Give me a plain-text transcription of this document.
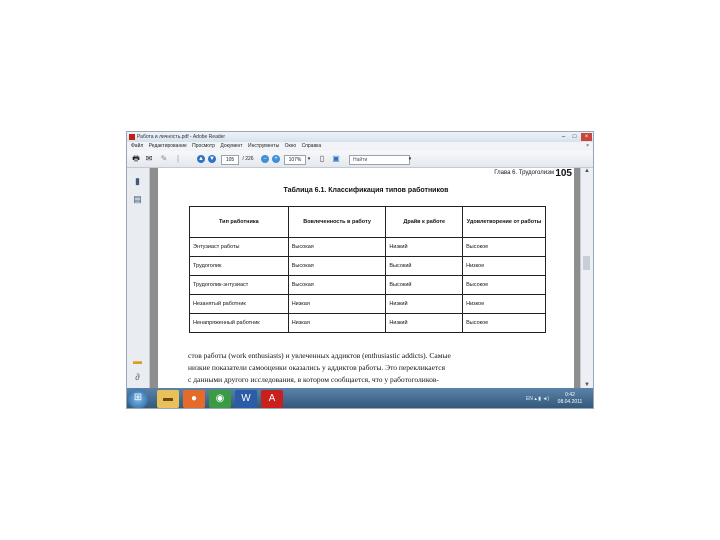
Работа и личность.pdf - Adobe Reader	–	□	×
Файл Редактирование Просмотр Документ Инструменты Окно Справка	×
🖶 ✉ ✎	|	▲ ▼	105	/ 226	−	+	107%	▾	▯	▣	Найти	▾
▮
▤
▬
∂
Глава 6. Трудоголизм 105
Таблица 6.1. Классификация типов работников
Тип работника	Вовлеченность в работу	Драйв к работе	Удовлетворение от работы
Энтузиаст работы	Высокая	Низкий	Высокое
Трудоголик	Высокая	Высокий	Низкое
Трудоголик-энтузиаст	Высокая	Высокий	Высокое
Незанятый работник	Низкая	Низкий	Низкое
Ненапряженный работник	Низкая	Низкий	Высокое

стов работы (work enthusiasts) и увлеченных аддиктов (enthusiastic addicts). Самые

низкие показатели самооценки оказались у аддиктов работы. Это перекликается

с данными другого исследования, в котором сообщается, что у работоголиков-

▲
▼
⊞	▬	●	◉	W	A	EN ▴ ▮ ◄)
0:42
08.04.2011
